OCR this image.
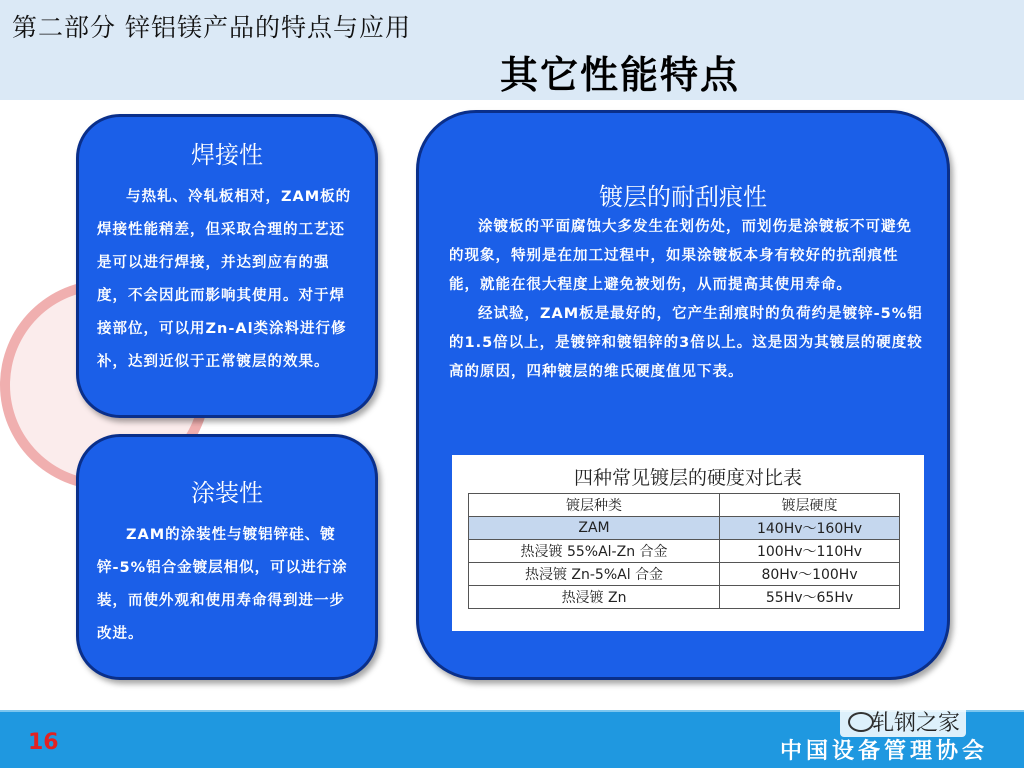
第二部分 锌铝镁产品的特点与应用
其它性能特点
焊接性

与热轧、冷轧板相对，ZAM板的焊接性能稍差，但采取合理的工艺还是可以进行焊接，并达到应有的强度，不会因此而影响其使用。对于焊接部位，可以用Zn-Al类涂料进行修补，达到近似于正常镀层的效果。

涂装性

ZAM的涂装性与镀铝锌硅、镀锌-5%铝合金镀层相似，可以进行涂装，而使外观和使用寿命得到进一步改进。

镀层的耐刮痕性

涂镀板的平面腐蚀大多发生在划伤处，而划伤是涂镀板不可避免的现象，特别是在加工过程中，如果涂镀板本身有较好的抗刮痕性能，就能在很大程度上避免被划伤，从而提高其使用寿命。

经试验，ZAM板是最好的，它产生刮痕时的负荷约是镀锌-5%铝的1.5倍以上，是镀锌和镀铝锌的3倍以上。这是因为其镀层的硬度较高的原因，四种镀层的维氏硬度值见下表。

四种常见镀层的硬度对比表
镀层种类	镀层硬度
ZAM	140Hv～160Hv
热浸镀 55%Al-Zn 合金	100Hv～110Hv
热浸镀 Zn-5%Al 合金	80Hv～100Hv
热浸镀 Zn	55Hv～65Hv
16	中国设备管理协会
轧钢之家
